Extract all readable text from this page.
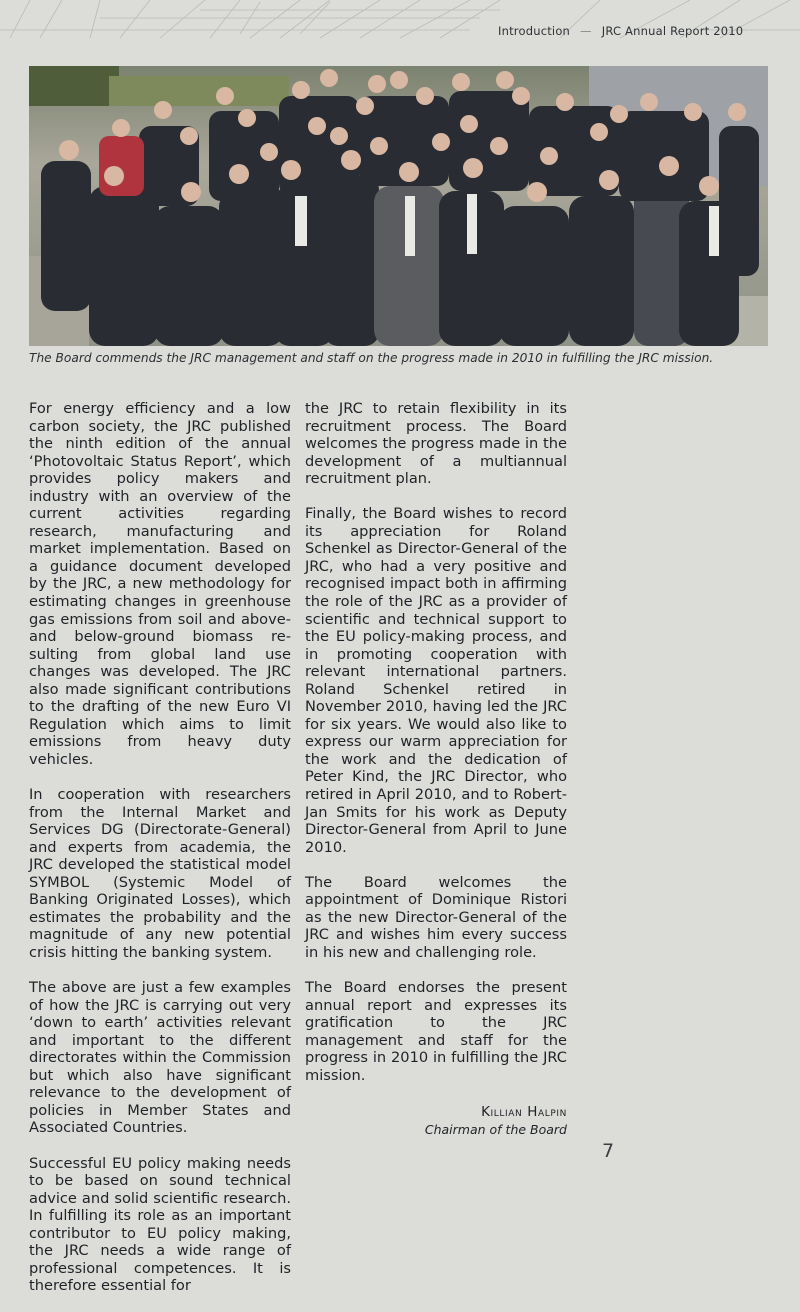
Introduction — JRC Annual Report 2010
The Board commends the JRC management and staff on the progress made in 2010 in fulfilling the JRC mission.

For energy efficiency and a low carbon society, the JRC published the ninth edition of the annual ‘Photovoltaic Status Report’, which provides policy makers and industry with an overview of the current activities regarding research, manufacturing and market implementation. Based on a guidance document developed by the JRC, a new methodology for estimating changes in greenhouse gas emissions from soil and above- and below-ground biomass resulting from global land use changes was developed. The JRC also made significant contributions to the drafting of the new Euro VI Regulation which aims to limit emissions from heavy duty vehicles.

In cooperation with researchers from the Internal Market and Services DG (Directorate-General) and experts from academia, the JRC developed the statistical model SYMBOL (Systemic Model of Banking Originated Losses), which estimates the probability and the magnitude of any new potential crisis hitting the banking system.

The above are just a few examples of how the JRC is carrying out very ‘down to earth’ activities relevant and important to the different directorates within the Commission but which also have significant relevance to the development of policies in Member States and Associated Countries.

Successful EU policy making needs to be based on sound technical advice and solid scientific research. In fulfilling its role as an important contributor to EU policy making, the JRC needs a wide range of professional competences. It is therefore essential for

the JRC to retain flexibility in its recruitment process. The Board welcomes the progress made in the development of a multiannual recruitment plan.

Finally, the Board wishes to record its appreciation for Roland Schenkel as Director-General of the JRC, who had a very positive and recognised impact both in affirming the role of the JRC as a provider of scientific and technical support to the EU policy-making process, and in promoting cooperation with relevant international partners. Roland Schenkel retired in November 2010, having led the JRC for six years. We would also like to express our warm appreciation for the work and the dedication of Peter Kind, the JRC Director, who retired in April 2010, and to Robert-Jan Smits for his work as Deputy Director-General from April to June 2010.

The Board welcomes the appointment of Dominique Ristori as the new Director-General of the JRC and wishes him every success in his new and challenging role.

The Board endorses the present annual report and expresses its gratification to the JRC management and staff for the progress in 2010 in fulfilling the JRC mission.

Killian Halpin
Chairman of the Board
7
